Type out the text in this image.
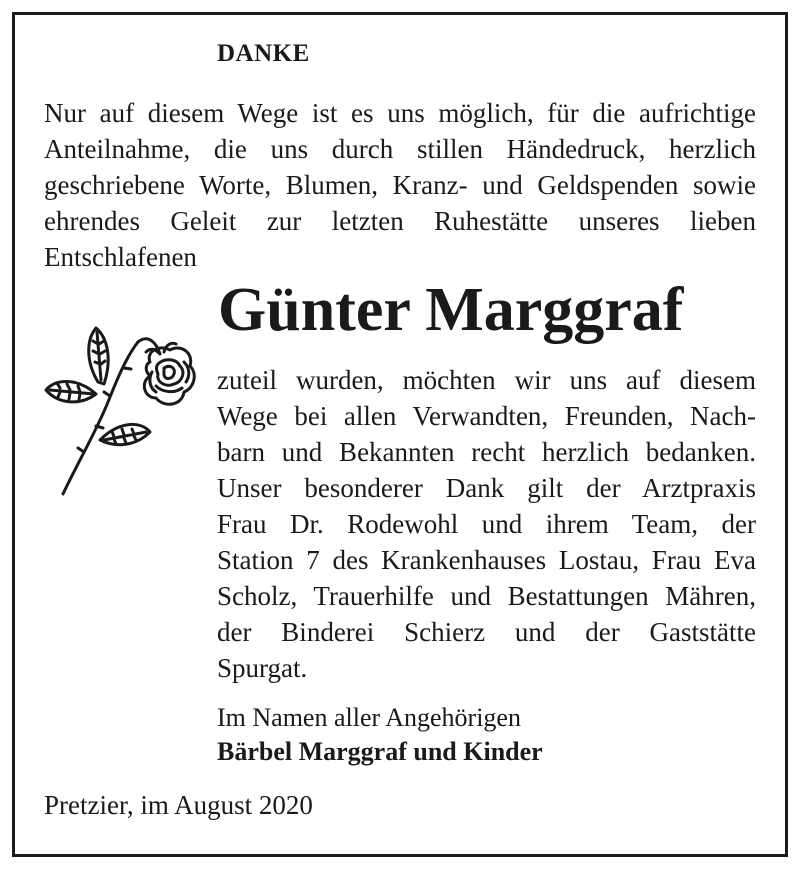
DANKE
Nur auf diesem Wege ist es uns möglich, für die aufrichtige
Anteilnahme, die uns durch stillen Händedruck, herzlich
geschriebene Worte, Blumen, Kranz- und Geldspenden sowie
ehrendes Geleit zur letzten Ruhestätte unseres lieben
Entschlafenen
Günter Marggraf
zuteil wurden, möchten wir uns auf diesem
Wege bei allen Verwandten, Freunden, Nach-
barn und Bekannten recht herzlich bedanken.
Unser besonderer Dank gilt der Arztpraxis
Frau Dr. Rodewohl und ihrem Team, der
Station 7 des Krankenhauses Lostau, Frau Eva
Scholz, Trauerhilfe und Bestattungen Mähren,
der Binderei Schierz und der Gaststätte
Spurgat.
Im Namen aller Angehörigen
Bärbel Marggraf und Kinder
Pretzier, im August 2020
